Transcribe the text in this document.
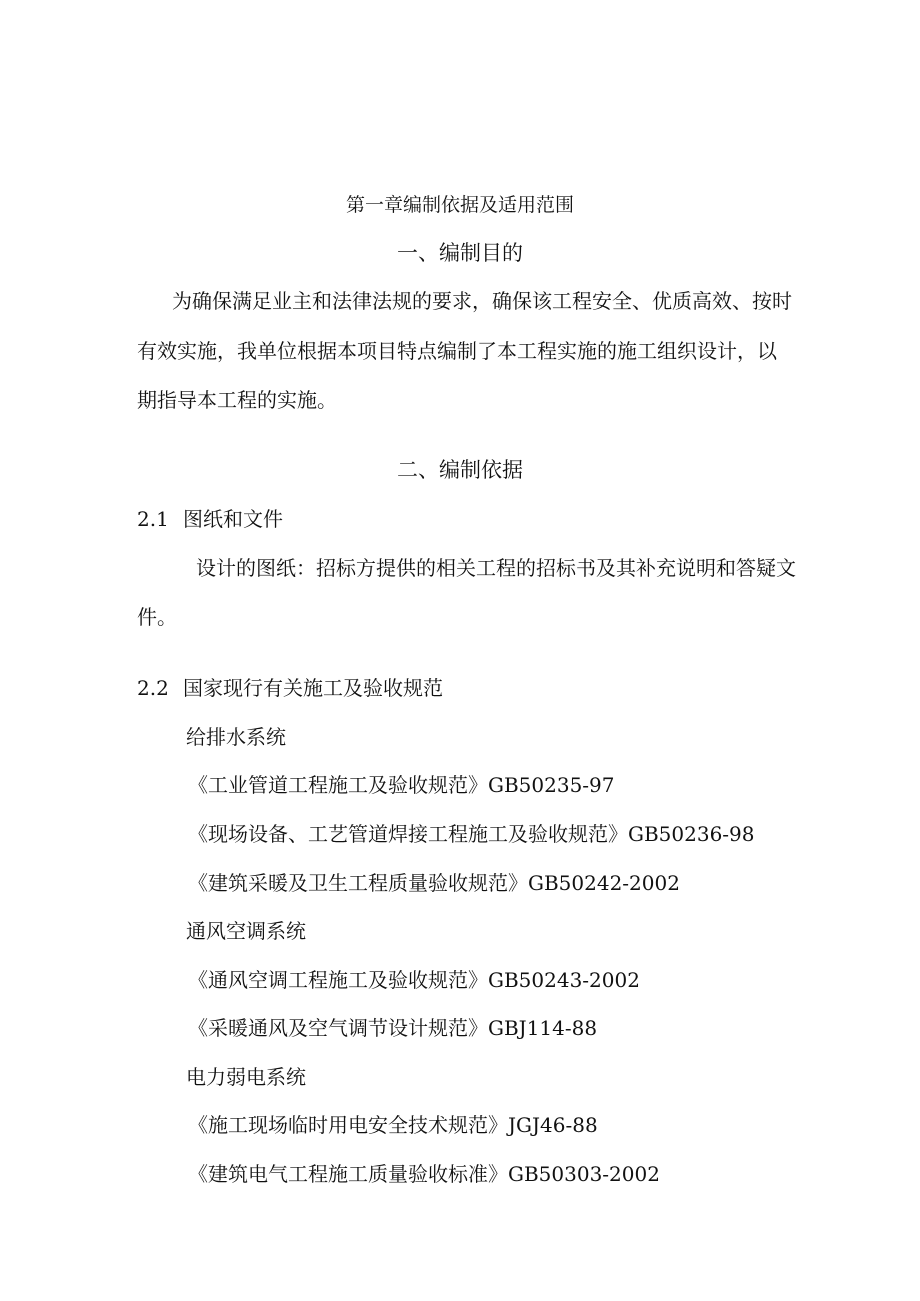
第一章编制依据及适用范围
一、编制目的
为确保满足业主和法律法规的要求，确保该工程安全、优质高效、按时
有效实施，我单位根据本项目特点编制了本工程实施的施工组织设计，以
期指导本工程的实施。
二、编制依据
2.1 图纸和文件
设计的图纸：招标方提供的相关工程的招标书及其补充说明和答疑文
件。
2.2 国家现行有关施工及验收规范
给排水系统
《工业管道工程施工及验收规范》GB50235-97
《现场设备、工艺管道焊接工程施工及验收规范》GB50236-98
《建筑采暖及卫生工程质量验收规范》GB50242-2002
通风空调系统
《通风空调工程施工及验收规范》GB50243-2002
《采暖通风及空气调节设计规范》GBJ114-88
电力弱电系统
《施工现场临时用电安全技术规范》JGJ46-88
《建筑电气工程施工质量验收标准》GB50303-2002
